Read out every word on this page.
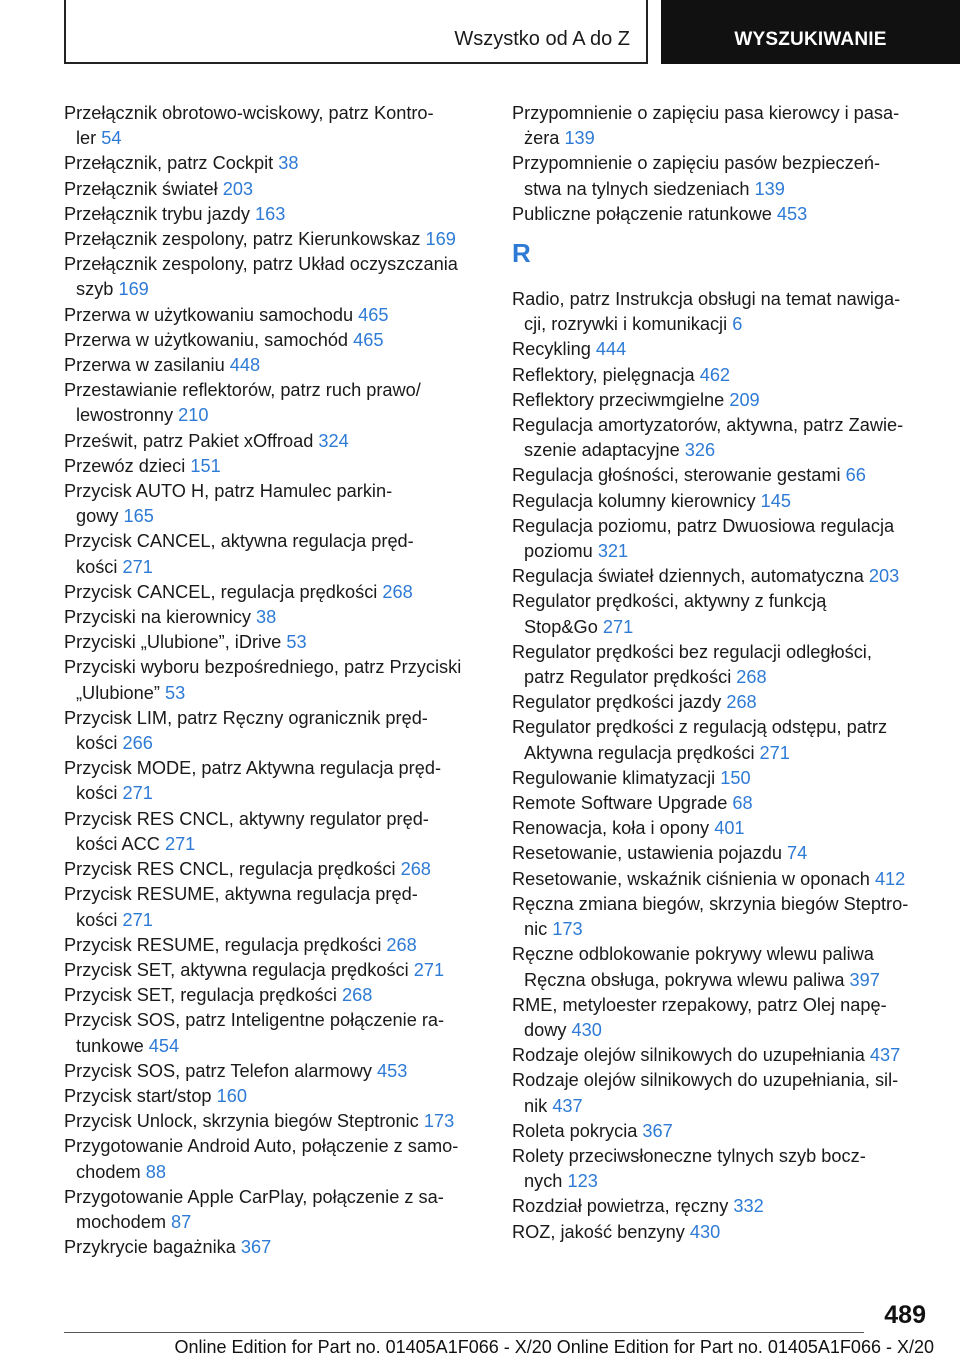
Wszystko od A do Z	WYSZUKIWANIE
Przełącznik obrotowo-wciskowy, patrz Kontro-
ler 54
Przełącznik, patrz Cockpit 38
Przełącznik świateł 203
Przełącznik trybu jazdy 163
Przełącznik zespolony, patrz Kierunkowskaz 169
Przełącznik zespolony, patrz Układ oczyszczania
szyb 169
Przerwa w użytkowaniu samochodu 465
Przerwa w użytkowaniu, samochód 465
Przerwa w zasilaniu 448
Przestawianie reflektorów, patrz ruch prawo/
lewostronny 210
Prześwit, patrz Pakiet xOffroad 324
Przewóz dzieci 151
Przycisk AUTO H, patrz Hamulec parkin-
gowy 165
Przycisk CANCEL, aktywna regulacja pręd-
kości 271
Przycisk CANCEL, regulacja prędkości 268
Przyciski na kierownicy 38
Przyciski „Ulubione”, iDrive 53
Przyciski wyboru bezpośredniego, patrz Przyciski
„Ulubione” 53
Przycisk LIM, patrz Ręczny ogranicznik pręd-
kości 266
Przycisk MODE, patrz Aktywna regulacja pręd-
kości 271
Przycisk RES CNCL, aktywny regulator pręd-
kości ACC 271
Przycisk RES CNCL, regulacja prędkości 268
Przycisk RESUME, aktywna regulacja pręd-
kości 271
Przycisk RESUME, regulacja prędkości 268
Przycisk SET, aktywna regulacja prędkości 271
Przycisk SET, regulacja prędkości 268
Przycisk SOS, patrz Inteligentne połączenie ra-
tunkowe 454
Przycisk SOS, patrz Telefon alarmowy 453
Przycisk start/stop 160
Przycisk Unlock, skrzynia biegów Steptronic 173
Przygotowanie Android Auto, połączenie z samo-
chodem 88
Przygotowanie Apple CarPlay, połączenie z sa-
mochodem 87
Przykrycie bagażnika 367
Przypomnienie o zapięciu pasa kierowcy i pasa-
żera 139
Przypomnienie o zapięciu pasów bezpieczeń-
stwa na tylnych siedzeniach 139
Publiczne połączenie ratunkowe 453
R
Radio, patrz Instrukcja obsługi na temat nawiga-
cji, rozrywki i komunikacji 6
Recykling 444
Reflektory, pielęgnacja 462
Reflektory przeciwmgielne 209
Regulacja amortyzatorów, aktywna, patrz Zawie-
szenie adaptacyjne 326
Regulacja głośności, sterowanie gestami 66
Regulacja kolumny kierownicy 145
Regulacja poziomu, patrz Dwuosiowa regulacja
poziomu 321
Regulacja świateł dziennych, automatyczna 203
Regulator prędkości, aktywny z funkcją
Stop&Go 271
Regulator prędkości bez regulacji odległości,
patrz Regulator prędkości 268
Regulator prędkości jazdy 268
Regulator prędkości z regulacją odstępu, patrz
Aktywna regulacja prędkości 271
Regulowanie klimatyzacji 150
Remote Software Upgrade 68
Renowacja, koła i opony 401
Resetowanie, ustawienia pojazdu 74
Resetowanie, wskaźnik ciśnienia w oponach 412
Ręczna zmiana biegów, skrzynia biegów Steptro-
nic 173
Ręczne odblokowanie pokrywy wlewu paliwa
Ręczna obsługa, pokrywa wlewu paliwa 397
RME, metyloester rzepakowy, patrz Olej napę-
dowy 430
Rodzaje olejów silnikowych do uzupełniania 437
Rodzaje olejów silnikowych do uzupełniania, sil-
nik 437
Roleta pokrycia 367
Rolety przeciwsłoneczne tylnych szyb bocz-
nych 123
Rozdział powietrza, ręczny 332
ROZ, jakość benzyny 430
489
Online Edition for Part no. 01405A1F066 - X/20 Online Edition for Part no. 01405A1F066 - X/20
